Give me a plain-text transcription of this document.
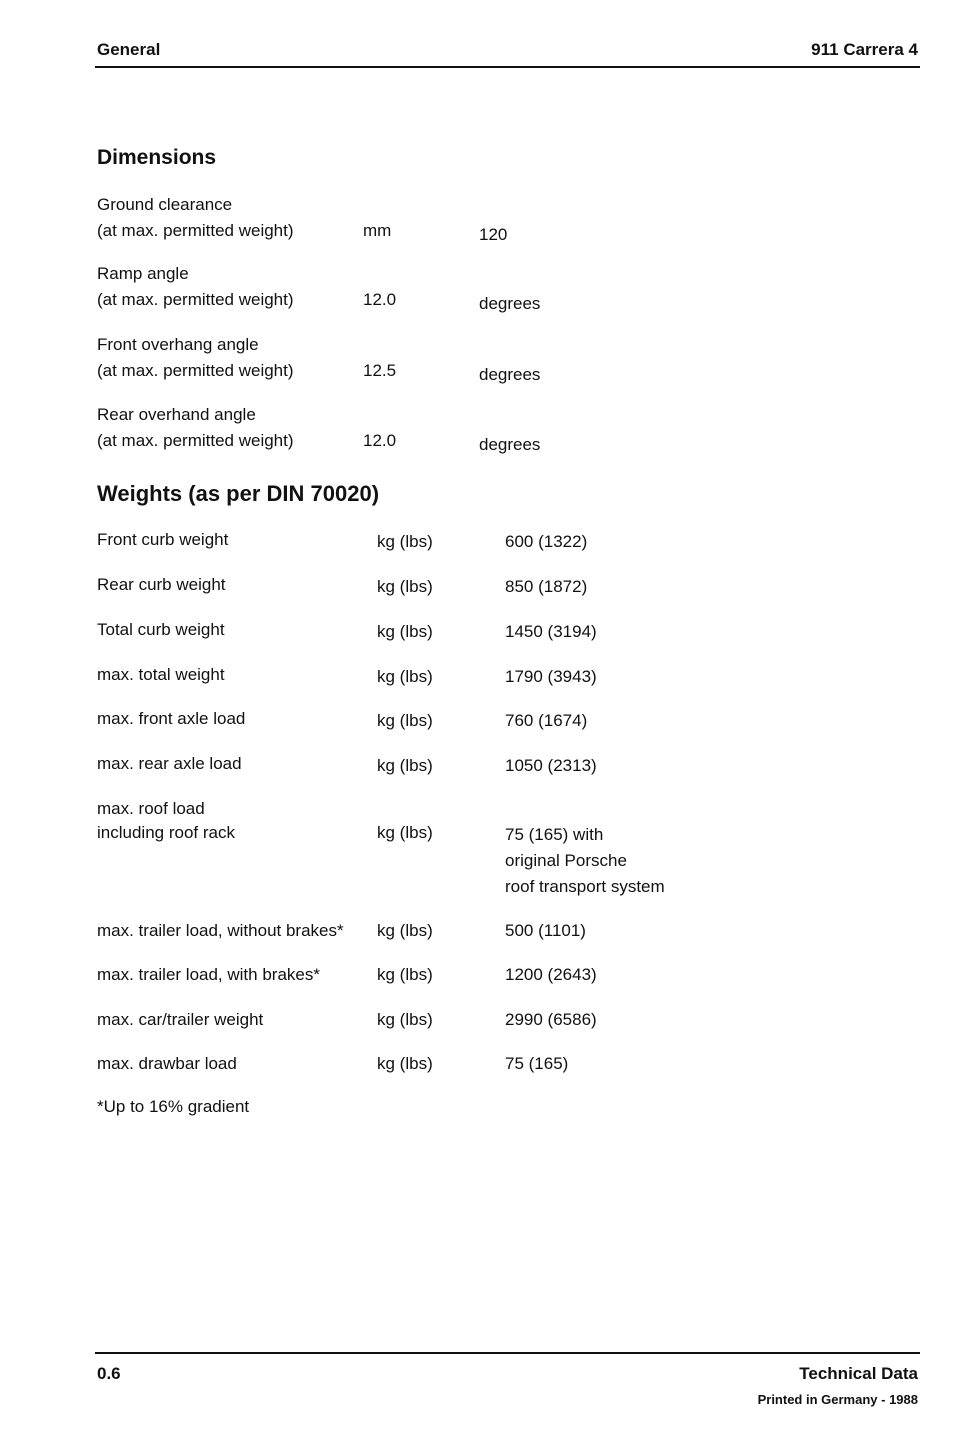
General	911 Carrera 4
Dimensions
Ground clearance
(at max. permitted weight)	mm	120
Ramp angle
(at max. permitted weight)	12.0	degrees
Front overhang angle
(at max. permitted weight)	12.5	degrees
Rear overhand angle
(at max. permitted weight)	12.0	degrees
Weights (as per DIN 70020)
Front curb weight	kg (lbs)	600 (1322)
Rear curb weight	kg (lbs)	850 (1872)
Total curb weight	kg (lbs)	1450 (3194)
max. total weight	kg (lbs)	1790 (3943)
max. front axle load	kg (lbs)	760 (1674)
max. rear axle load	kg (lbs)	1050 (2313)
max. roof load
including roof rack	kg (lbs)	75 (165) with
original Porsche
roof transport system
max. trailer load, without brakes* kg (lbs)	500 (1101)
max. trailer load, with brakes*	kg (lbs)	1200 (2643)
max. car/trailer weight	kg (lbs)	2990 (6586)
max. drawbar load	kg (lbs)	75 (165)
*Up to 16% gradient
0.6	Technical Data
Printed in Germany - 1988
